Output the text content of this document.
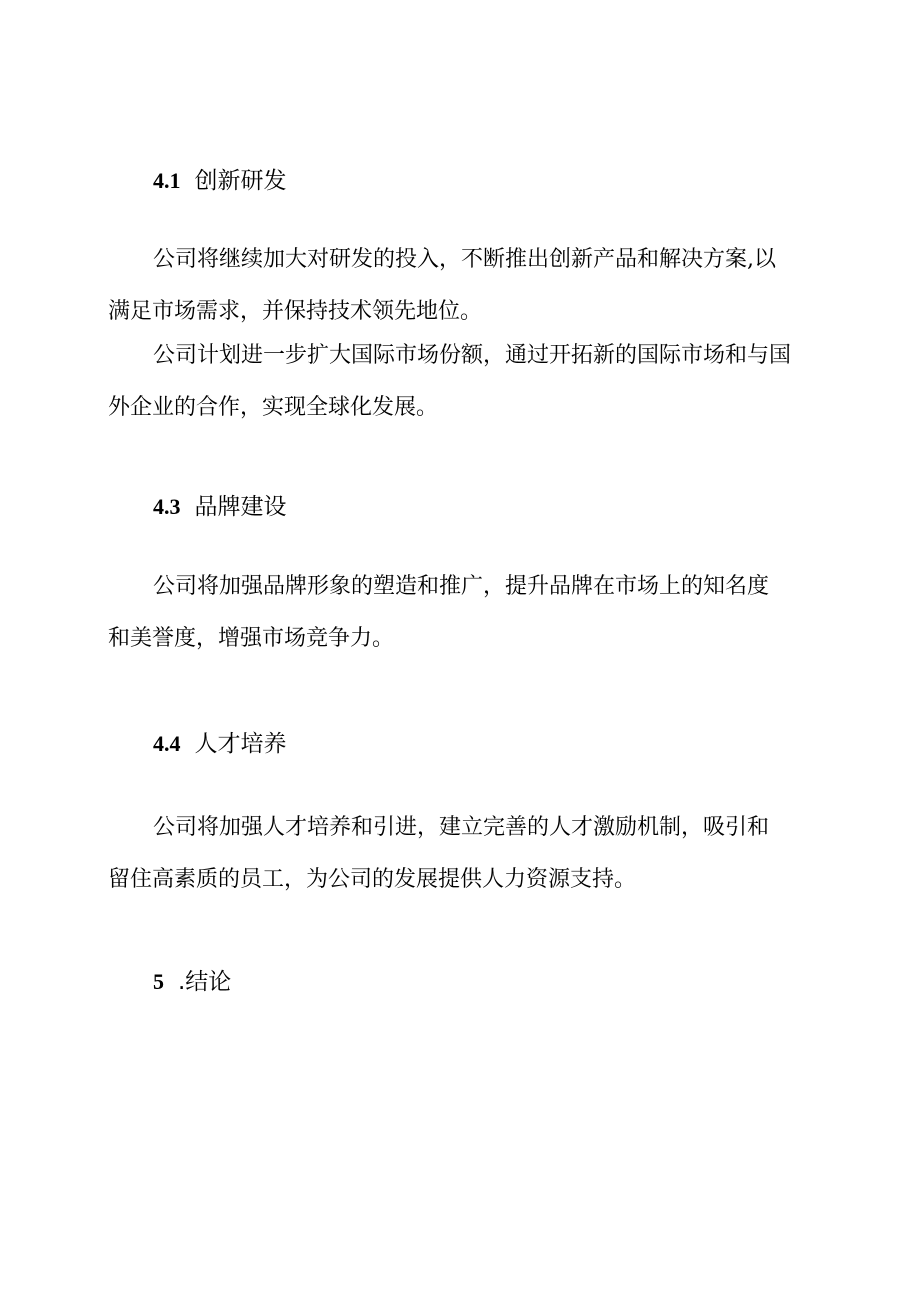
4.1 创新研发

公司将继续加大对研发的投入，不断推出创新产品和解决方案,以
满足市场需求，并保持技术领先地位。

公司计划进一步扩大国际市场份额，通过开拓新的国际市场和与国
外企业的合作，实现全球化发展。

4.3 品牌建设

公司将加强品牌形象的塑造和推广，提升品牌在市场上的知名度
和美誉度，增强市场竞争力。

4.4 人才培养

公司将加强人才培养和引进，建立完善的人才激励机制，吸引和
留住高素质的员工，为公司的发展提供人力资源支持。

5 .结论
